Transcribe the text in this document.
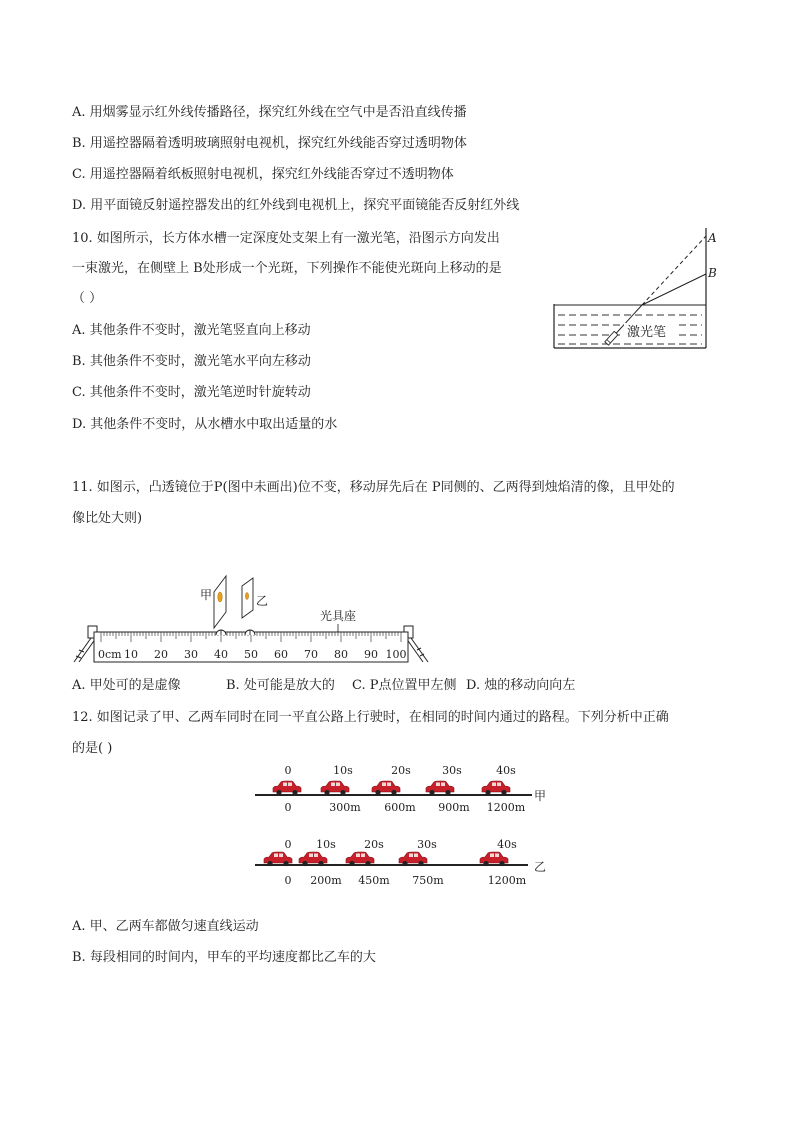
A. 用烟雾显示红外线传播路径，探究红外线在空气中是否沿直线传播
B. 用遥控器隔着透明玻璃照射电视机，探究红外线能否穿过透明物体
C. 用遥控器隔着纸板照射电视机，探究红外线能否穿过不透明物体
D. 用平面镜反射遥控器发出的红外线到电视机上，探究平面镜能否反射红外线
10. 如图所示，长方体水槽一定深度处支架上有一激光笔，沿图示方向发出
一束激光，在侧壁上 B处形成一个光斑，下列操作不能使光斑向上移动的是
（ ）
A. 其他条件不变时，激光笔竖直向上移动
B. 其他条件不变时，激光笔水平向左移动
C. 其他条件不变时，激光笔逆时针旋转动
D. 其他条件不变时，从水槽水中取出适量的水
激光笔
A
B
11. 如图示，凸透镜位于P(图中未画出)位不变，移动屏先后在 P同侧的、乙两得到烛焰清的像，且甲处的
像比处大则)
0cm 10 20 30 40 50 60 70 80 90 100
甲	乙
光具座
A. 甲处可的是虚像	B. 处可能是放大的 C. P点位置甲左侧 D. 烛的移动向向左
12. 如图记录了甲、乙两车同时在同一平直公路上行驶时，在相同的时间内通过的路程。下列分析中正确
的是( )
0	10s	20s	30s	40s
0	300m 600m 900m 1200m
甲
0 10s	20s	30s	40s
0 200m 450m 750m	1200m
乙
A. 甲、乙两车都做匀速直线运动
B. 每段相同的时间内，甲车的平均速度都比乙车的大
